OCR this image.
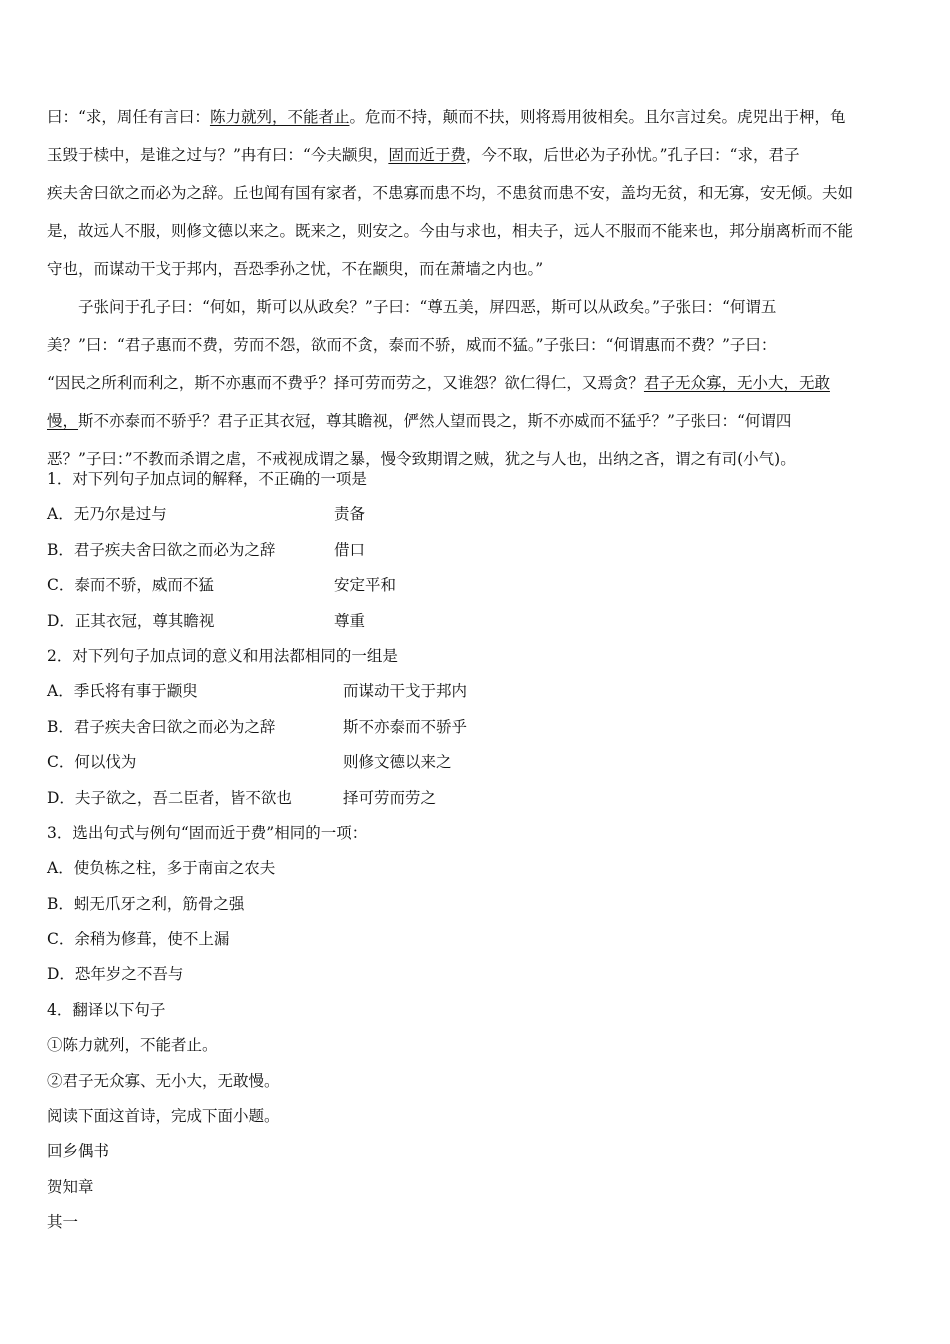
曰：“求，周任有言曰：陈力就列，不能者止。危而不持，颠而不扶，则将焉用彼相矣。且尔言过矣。虎兕出于柙，龟
玉毁于椟中，是谁之过与？”冉有曰：“今夫颛臾，固而近于费，今不取，后世必为子孙忧。”孔子曰：“求，君子
疾夫舍曰欲之而必为之辞。丘也闻有国有家者，不患寡而患不均，不患贫而患不安，盖均无贫，和无寡，安无倾。夫如
是，故远人不服，则修文德以来之。既来之，则安之。今由与求也，相夫子，远人不服而不能来也，邦分崩离析而不能
守也，而谋动干戈于邦内，吾恐季孙之忧，不在颛臾，而在萧墙之内也。”
子张问于孔子曰：“何如，斯可以从政矣？”子曰：“尊五美，屏四恶，斯可以从政矣。”子张曰：“何谓五
美？”曰：“君子惠而不费，劳而不怨，欲而不贪，泰而不骄，威而不猛。”子张曰：“何谓惠而不费？”子曰：
“因民之所利而利之，斯不亦惠而不费乎？择可劳而劳之，又谁怨？欲仁得仁，又焉贪？君子无众寡，无小大，无敢
慢，斯不亦泰而不骄乎？君子正其衣冠，尊其瞻视，俨然人望而畏之，斯不亦威而不猛乎？”子张曰：“何谓四
恶？”子曰：”不教而杀谓之虐，不戒视成谓之暴，慢令致期谓之贼，犹之与人也，出纳之吝，谓之有司(小气)。
1．对下列句子加点词的解释，不正确的一项是
A．无乃尔是过与	责备
B．君子疾夫舍曰欲之而必为之辞	借口
C．泰而不骄，威而不猛	安定平和
D．正其衣冠，尊其瞻视	尊重
2．对下列句子加点词的意义和用法都相同的一组是
A．季氏将有事于颛臾	而谋动干戈于邦内
B．君子疾夫舍曰欲之而必为之辞	斯不亦泰而不骄乎
C．何以伐为	则修文德以来之
D．夫子欲之，吾二臣者，皆不欲也	择可劳而劳之
3．选出句式与例句“固而近于费”相同的一项：
A．使负栋之柱，多于南亩之农夫
B．蚓无爪牙之利，筋骨之强
C．余稍为修葺，使不上漏
D．恐年岁之不吾与
4．翻译以下句子
①陈力就列，不能者止。
②君子无众寡、无小大，无敢慢。
阅读下面这首诗，完成下面小题。
回乡偶书
贺知章
其一
